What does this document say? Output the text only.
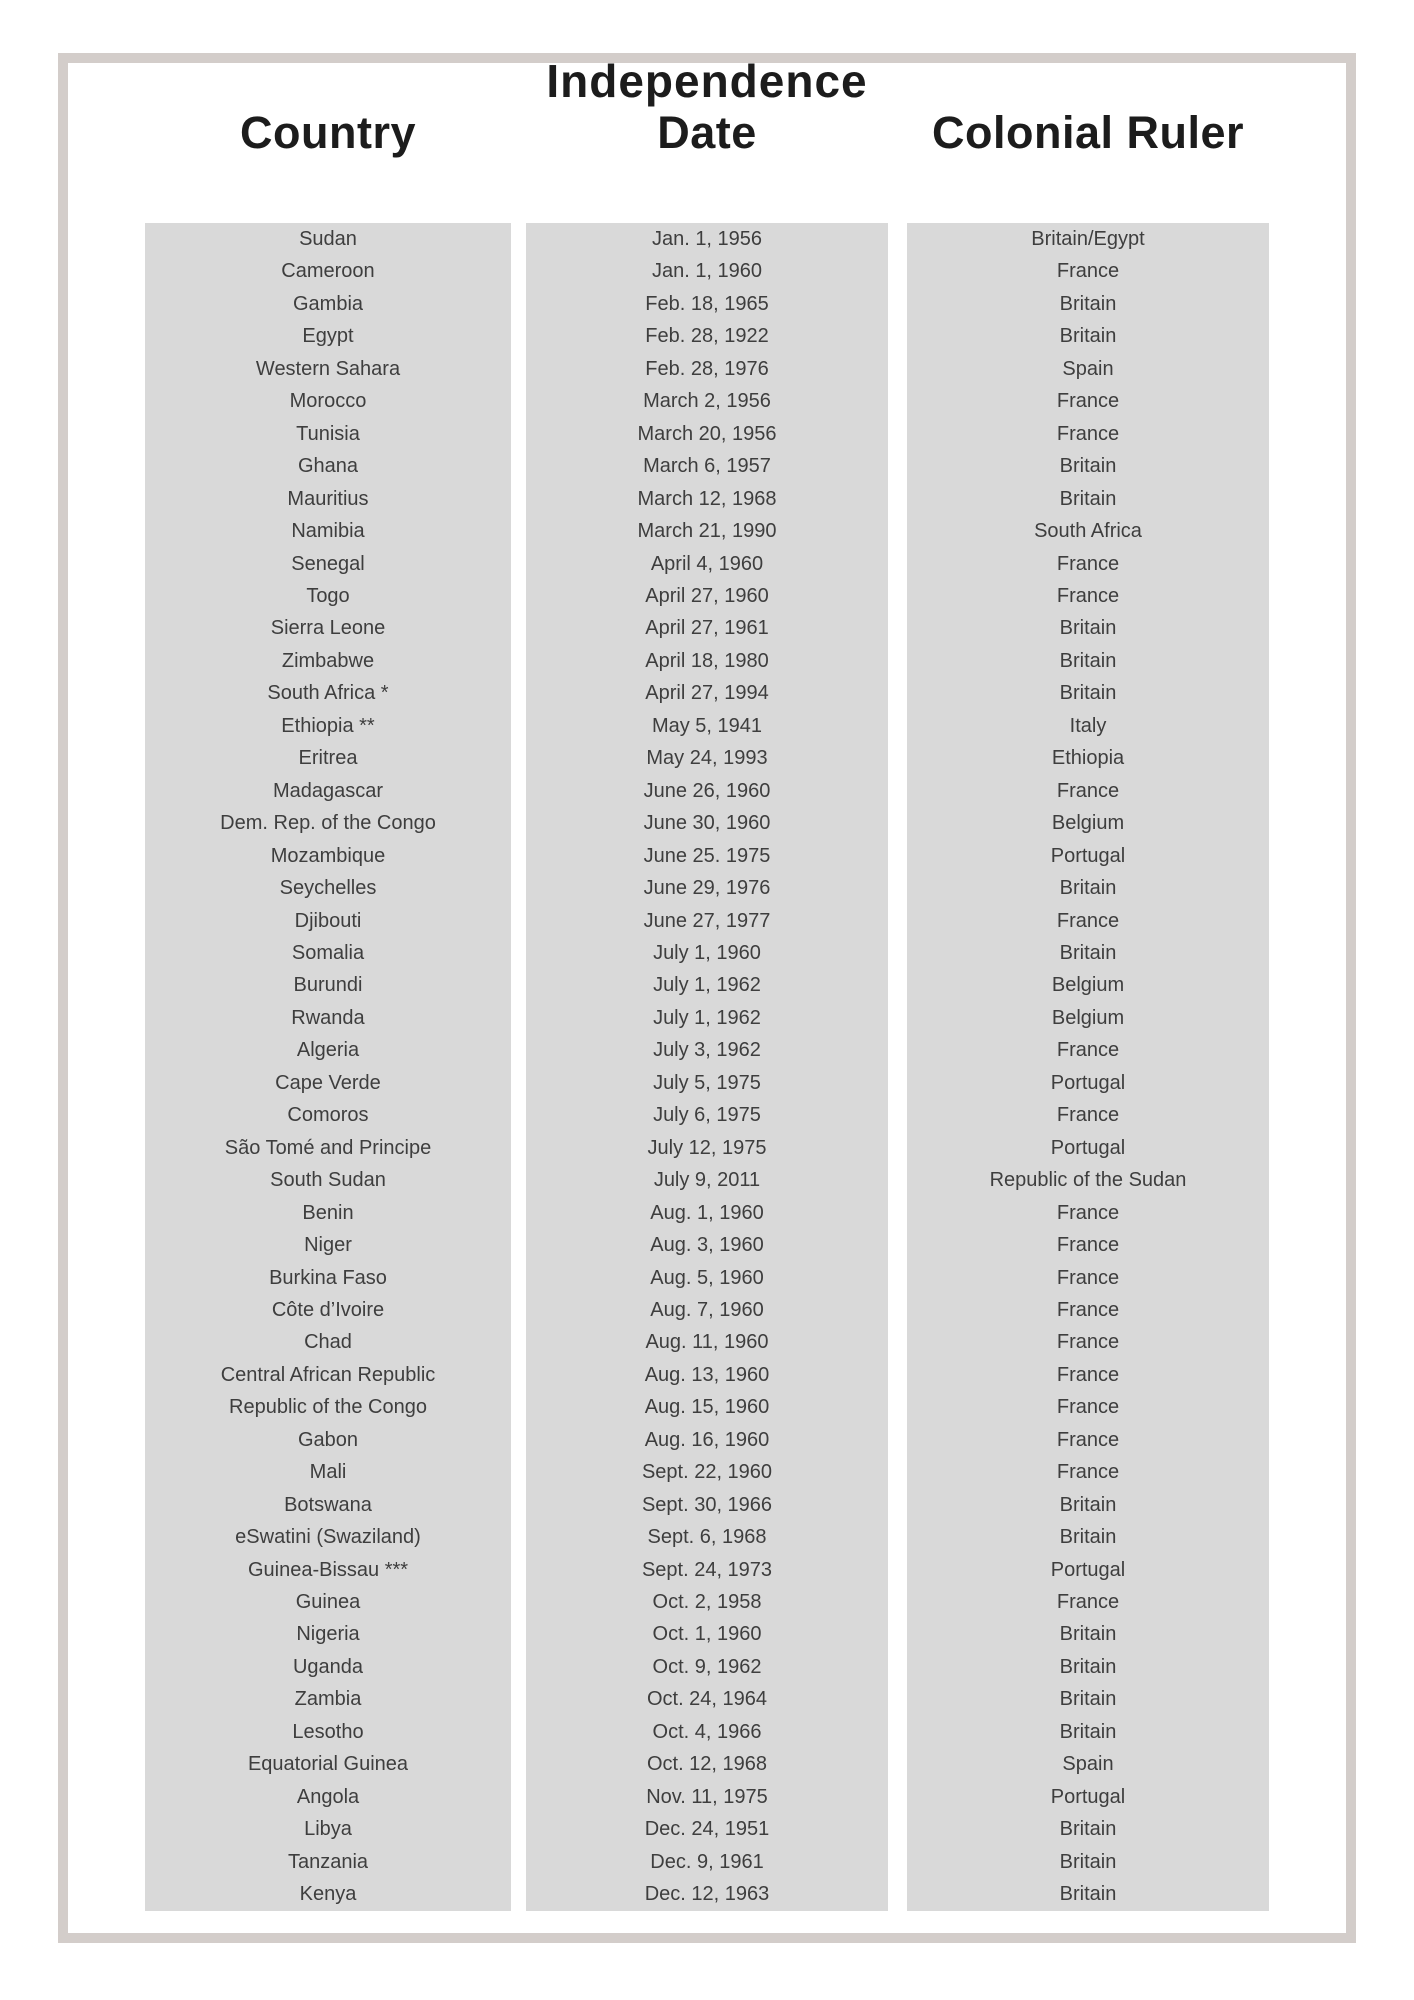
Independence
Country	Date	Colonial Ruler
Sudan
Cameroon
Gambia
Egypt
Western Sahara
Morocco
Tunisia
Ghana
Mauritius
Namibia
Senegal
Togo
Sierra Leone
Zimbabwe
South Africa *
Ethiopia **
Eritrea
Madagascar
Dem. Rep. of the Congo
Mozambique
Seychelles
Djibouti
Somalia
Burundi
Rwanda
Algeria
Cape Verde
Comoros
São Tomé and Principe
South Sudan
Benin
Niger
Burkina Faso
Côte d’Ivoire
Chad
Central African Republic
Republic of the Congo
Gabon
Mali
Botswana
eSwatini (Swaziland)
Guinea-Bissau ***
Guinea
Nigeria
Uganda
Zambia
Lesotho
Equatorial Guinea
Angola
Libya
Tanzania
Kenya
Jan. 1, 1956
Jan. 1, 1960
Feb. 18, 1965
Feb. 28, 1922
Feb. 28, 1976
March 2, 1956
March 20, 1956
March 6, 1957
March 12, 1968
March 21, 1990
April 4, 1960
April 27, 1960
April 27, 1961
April 18, 1980
April 27, 1994
May 5, 1941
May 24, 1993
June 26, 1960
June 30, 1960
June 25. 1975
June 29, 1976
June 27, 1977
July 1, 1960
July 1, 1962
July 1, 1962
July 3, 1962
July 5, 1975
July 6, 1975
July 12, 1975
July 9, 2011
Aug. 1, 1960
Aug. 3, 1960
Aug. 5, 1960
Aug. 7, 1960
Aug. 11, 1960
Aug. 13, 1960
Aug. 15, 1960
Aug. 16, 1960
Sept. 22, 1960
Sept. 30, 1966
Sept. 6, 1968
Sept. 24, 1973
Oct. 2, 1958
Oct. 1, 1960
Oct. 9, 1962
Oct. 24, 1964
Oct. 4, 1966
Oct. 12, 1968
Nov. 11, 1975
Dec. 24, 1951
Dec. 9, 1961
Dec. 12, 1963
Britain/Egypt
France
Britain
Britain
Spain
France
France
Britain
Britain
South Africa
France
France
Britain
Britain
Britain
Italy
Ethiopia
France
Belgium
Portugal
Britain
France
Britain
Belgium
Belgium
France
Portugal
France
Portugal
Republic of the Sudan
France
France
France
France
France
France
France
France
France
Britain
Britain
Portugal
France
Britain
Britain
Britain
Britain
Spain
Portugal
Britain
Britain
Britain
